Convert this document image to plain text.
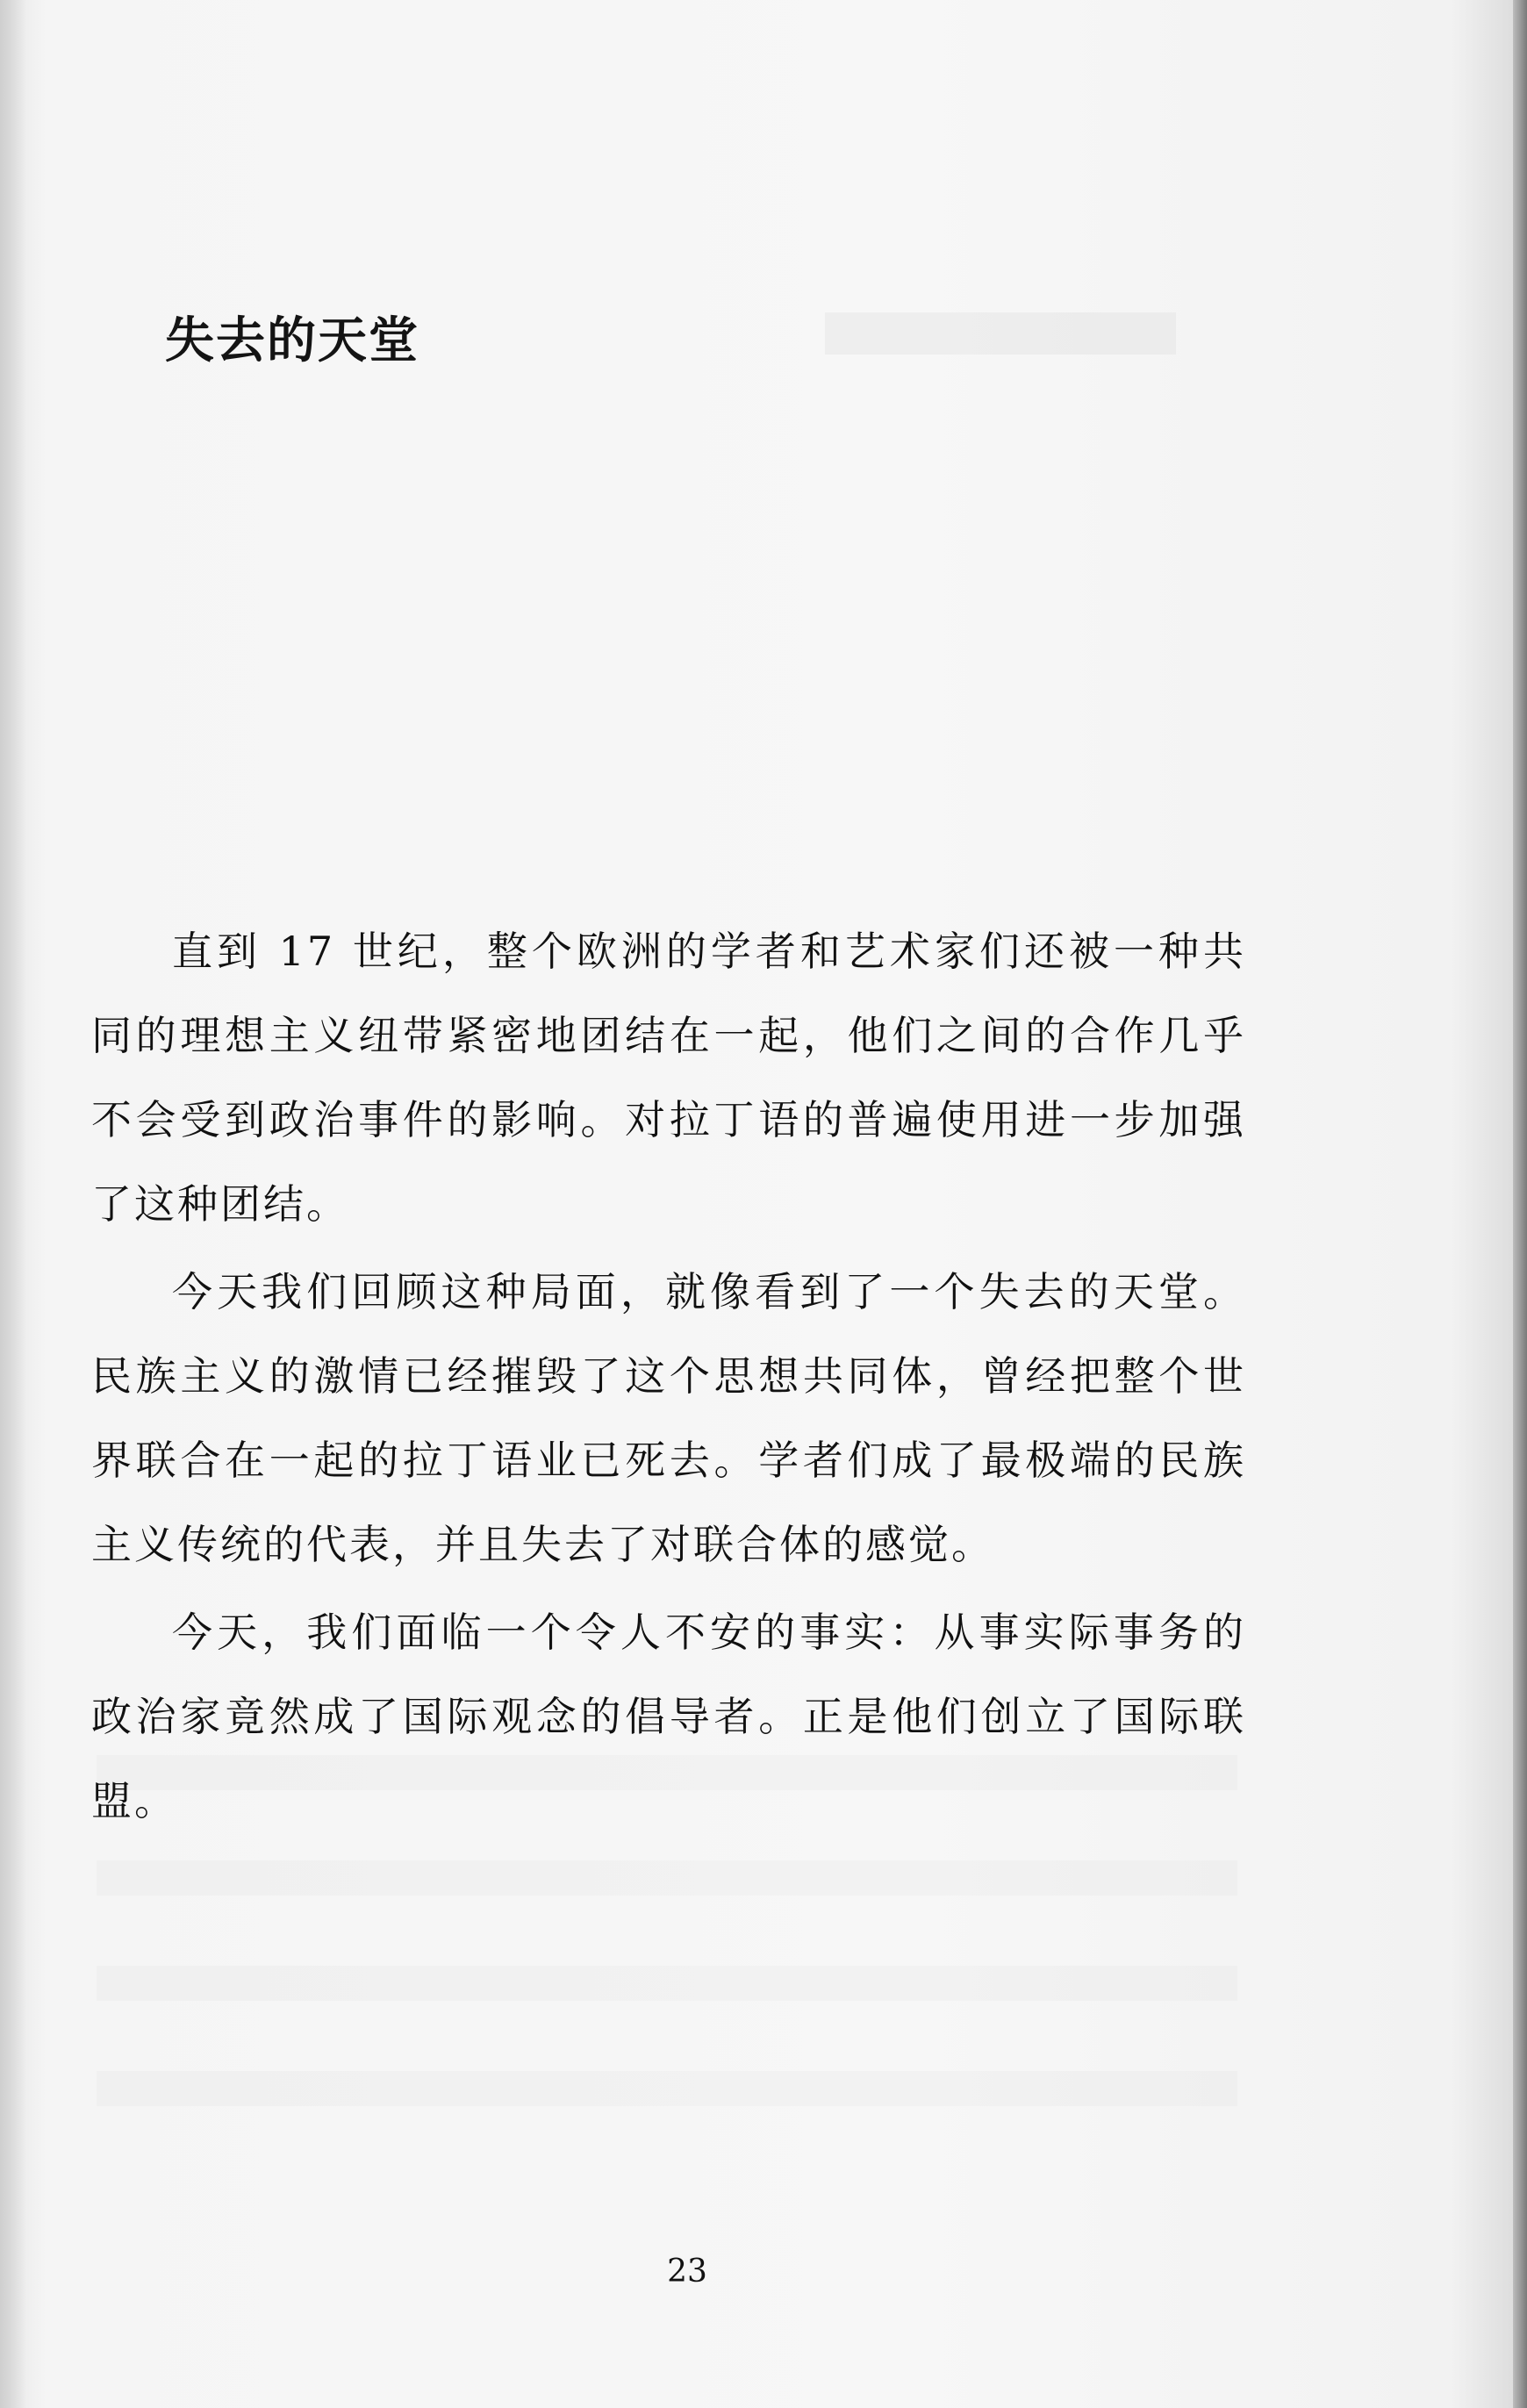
失去的天堂

直到 17 世纪，整个欧洲的学者和艺术家们还被一种共同的理想主义纽带紧密地团结在一起，他们之间的合作几乎不会受到政治事件的影响。对拉丁语的普遍使用进一步加强了这种团结。

今天我们回顾这种局面，就像看到了一个失去的天堂。民族主义的激情已经摧毁了这个思想共同体，曾经把整个世界联合在一起的拉丁语业已死去。学者们成了最极端的民族主义传统的代表，并且失去了对联合体的感觉。

今天，我们面临一个令人不安的事实：从事实际事务的政治家竟然成了国际观念的倡导者。正是他们创立了国际联盟。

23
